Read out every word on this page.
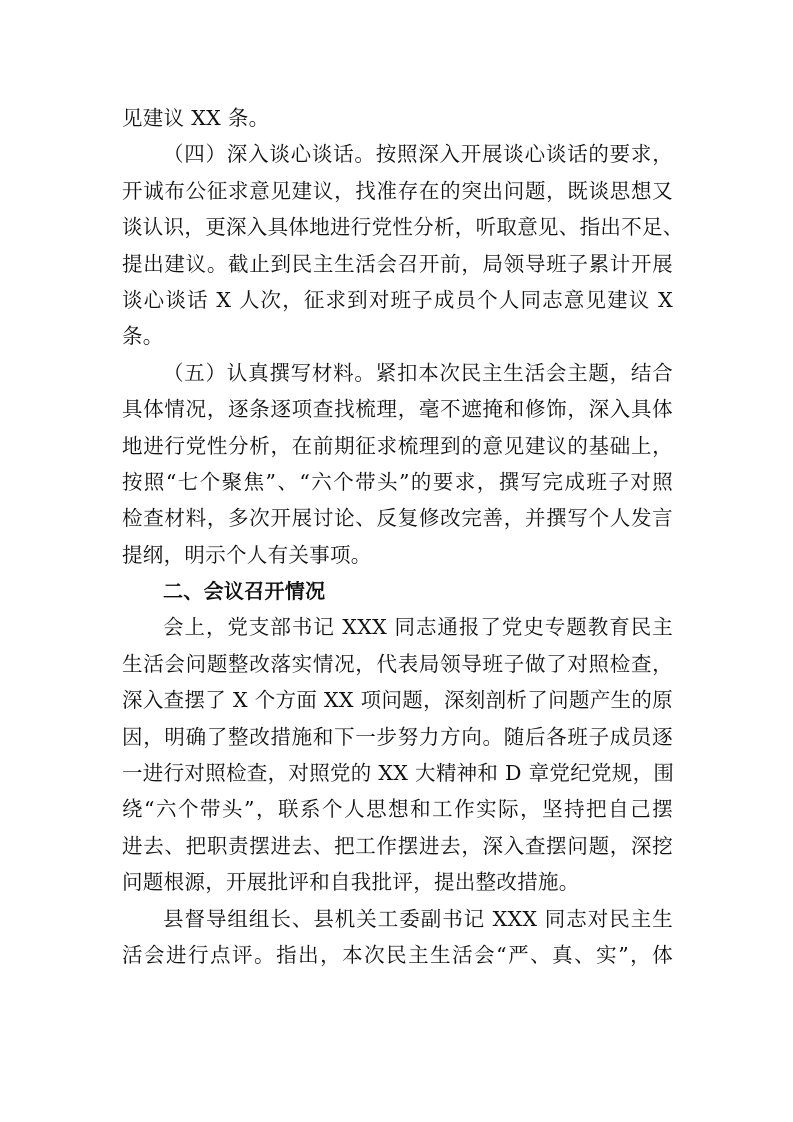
见建议 XX 条。
（四）深入谈心谈话。按照深入开展谈心谈话的要求，
开诚布公征求意见建议，找准存在的突出问题，既谈思想又
谈认识，更深入具体地进行党性分析，听取意见、指出不足、
提出建议。截止到民主生活会召开前，局领导班子累计开展
谈心谈话 X 人次，征求到对班子成员个人同志意见建议 X
条。
（五）认真撰写材料。紧扣本次民主生活会主题，结合
具体情况，逐条逐项查找梳理，毫不遮掩和修饰，深入具体
地进行党性分析，在前期征求梳理到的意见建议的基础上，
按照“七个聚焦”、“六个带头”的要求，撰写完成班子对照
检查材料，多次开展讨论、反复修改完善，并撰写个人发言
提纲，明示个人有关事项。
二、会议召开情况
会上，党支部书记 XXX 同志通报了党史专题教育民主
生活会问题整改落实情况，代表局领导班子做了对照检查，
深入查摆了 X 个方面 XX 项问题，深刻剖析了问题产生的原
因，明确了整改措施和下一步努力方向。随后各班子成员逐
一进行对照检查，对照党的 XX 大精神和 D 章党纪党规，围
绕“六个带头”，联系个人思想和工作实际，坚持把自己摆
进去、把职责摆进去、把工作摆进去，深入查摆问题，深挖
问题根源，开展批评和自我批评，提出整改措施。
县督导组组长、县机关工委副书记 XXX 同志对民主生
活会进行点评。指出，本次民主生活会“严、真、实”，体
